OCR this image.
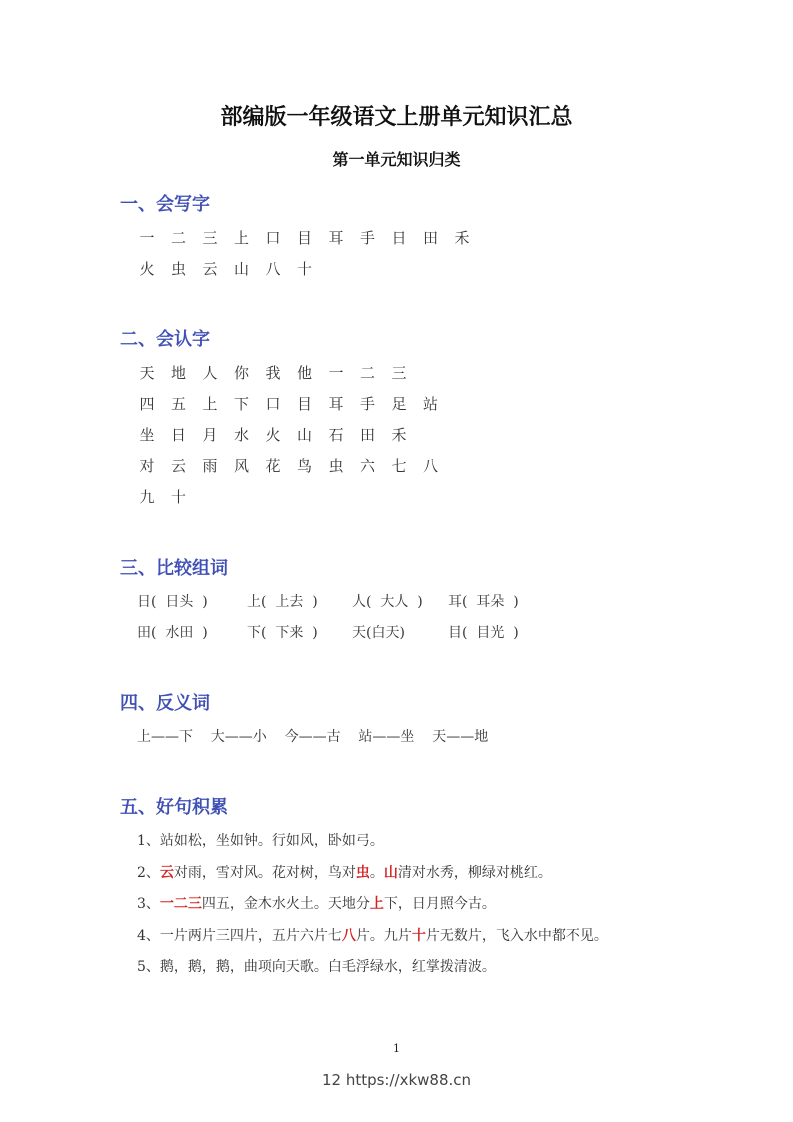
部编版一年级语文上册单元知识汇总
第一单元知识归类
一、会写字
一 二 三 上 口 目 耳 手 日 田 禾
火 虫 云 山 八 十
二、会认字
天 地 人 你 我 他 一 二 三
四 五 上 下 口 目 耳 手 足 站
坐 日 月 水 火 山 石 田 禾
对 云 雨 风 花 鸟 虫 六 七 八
九 十
三、比较组词
日(  日头  )	上(  上去  ) 人(  大人  ) 耳(  耳朵  )
田(  水田  )	下(  下来  ) 天(白天)	目(  目光  )
四、反义词
上——下    大——小    今——古    站——坐    天——地
五、好句积累
1、站如松，坐如钟。行如风，卧如弓。
2、云对雨，雪对风。花对树，鸟对虫。山清对水秀，柳绿对桃红。
3、一二三四五，金木水火土。天地分上下，日月照今古。
4、一片两片三四片，五片六片七八片。九片十片无数片，飞入水中都不见。
5、鹅，鹅，鹅，曲项向天歌。白毛浮绿水，红掌拨清波。
1
12 https://xkw88.cn
